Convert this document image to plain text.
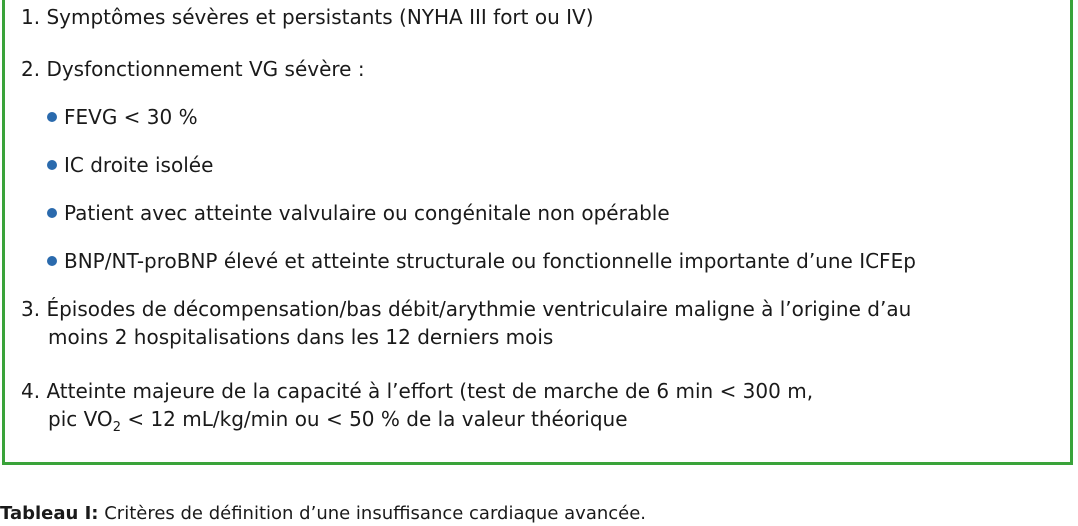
1. Symptômes sévères et persistants (NYHA III fort ou IV)
2. Dysfonctionnement VG sévère :
FEVG < 30 %
IC droite isolée
Patient avec atteinte valvulaire ou congénitale non opérable
BNP/NT-proBNP élevé et atteinte structurale ou fonctionnelle importante d’une ICFEp
3. Épisodes de décompensation/bas débit/arythmie ventriculaire maligne à l’origine d’au
moins 2 hospitalisations dans les 12 derniers mois
4. Atteinte majeure de la capacité à l’effort (test de marche de 6 min < 300 m,
pic $VO_2 < 12$ mL/kg/min ou < 50 % de la valeur théorique
Tableau I: Critères de définition d’une insuffisance cardiaque avancée.
